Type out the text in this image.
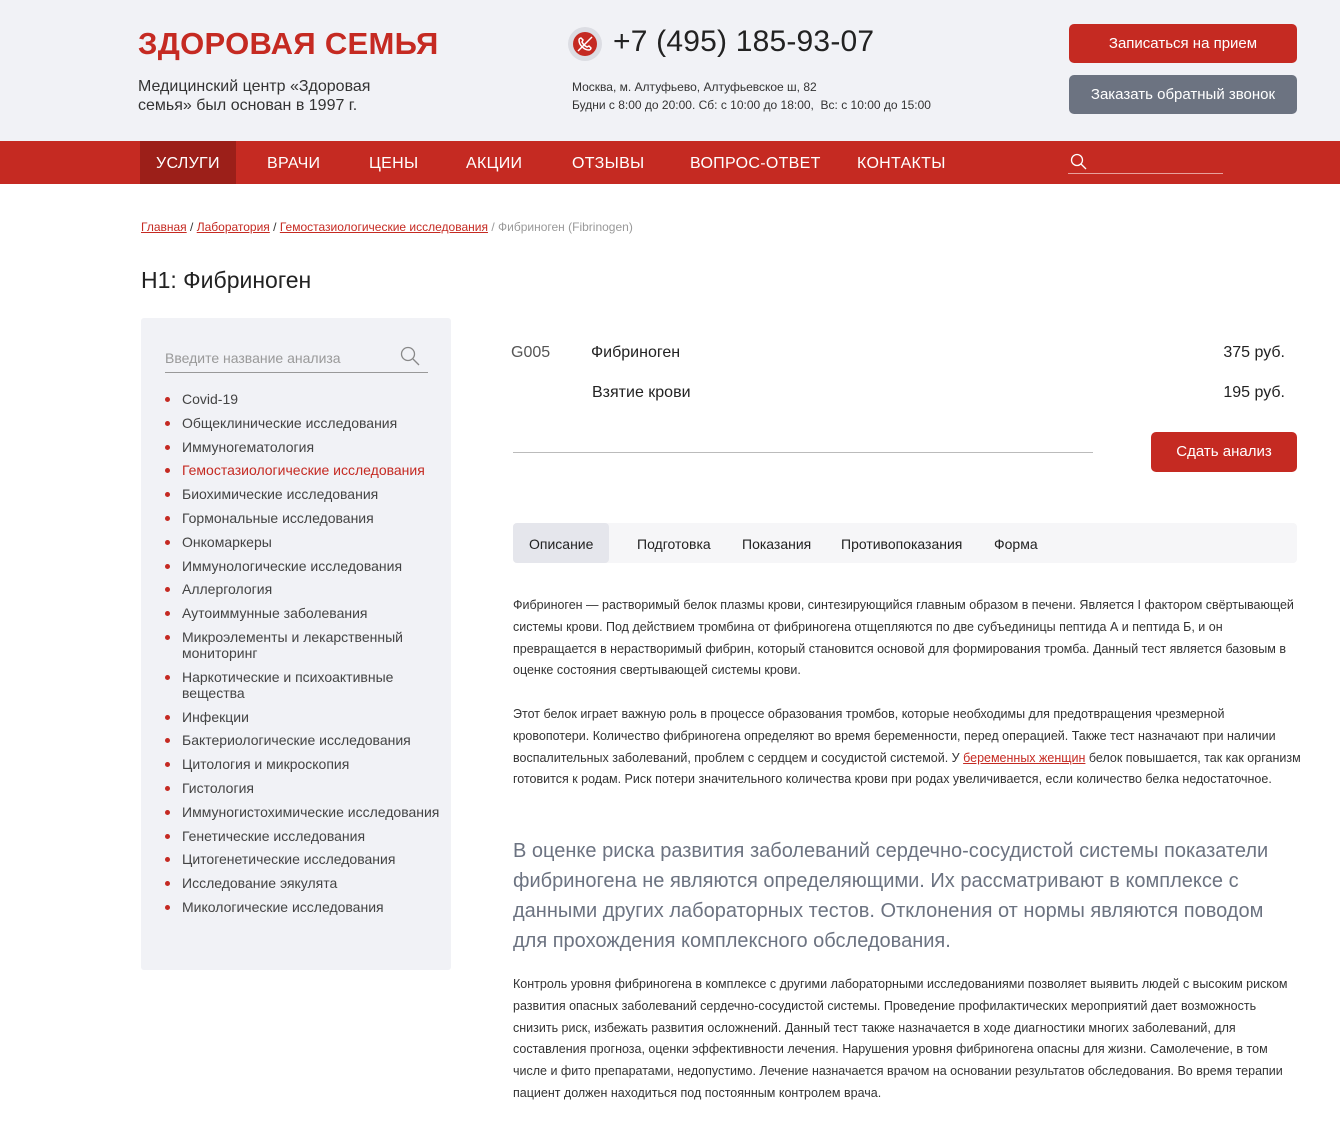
ЗДОРОВАЯ СЕМЬЯ
Медицинский центр «Здоровая семья» был основан в 1997 г.
+7 (495) 185-93-07
Москва, м. Алтуфьево, Алтуфьевское ш, 82
Будни с 8:00 до 20:00. Сб: с 10:00 до 18:00,  Вс: с 10:00 до 15:00
Записаться на прием
Заказать обратный звонок
УСЛУГИ	ВРАЧИ	ЦЕНЫ	АКЦИИ	ОТЗЫВЫ	ВОПРОС-ОТВЕТ КОНТАКТЫ
Главная / Лаборатория / Гемостазиологические исследования / Фибриноген (Fibrinogen)
H1: Фибриноген
Введите название анализа
Covid-19
Общеклинические исследования
Иммуногематология
Гемостазиологические исследования
Биохимические исследования
Гормональные исследования
Онкомаркеры
Иммунологические исследования
Аллергология
Аутоиммунные заболевания
Микроэлементы и лекарственный мониторинг
Наркотические и психоактивные вещества
Инфекции
Бактериологические исследования
Цитология и микроскопия
Гистология
Иммуногистохимические исследования
Генетические исследования
Цитогенетические исследования
Исследование эякулята
Микологические исследования
G005	Фибриноген	375 руб.
Взятие крови	195 руб.
Сдать анализ
Описание	Подготовка Показания Противопоказания Форма
Фибриноген — растворимый белок плазмы крови, синтезирующийся главным образом в печени. Является I фактором свёртывающей системы крови. Под действием тромбина от фибриногена отщепляются по две субъединицы пептида А и пептида Б, и он превращается в нерастворимый фибрин, который становится основой для формирования тромба. Данный тест является базовым в оценке состояния свертывающей системы крови.
Этот белок играет важную роль в процессе образования тромбов, которые необходимы для предотвращения чрезмерной кровопотери. Количество фибриногена определяют во время беременности, перед операцией. Также тест назначают при наличии воспалительных заболеваний, проблем с сердцем и сосудистой системой. У беременных женщин белок повышается, так как организм готовится к родам. Риск потери значительного количества крови при родах увеличивается, если количество белка недостаточное.
В оценке риска развития заболеваний сердечно-сосудистой системы показатели фибриногена не являются определяющими. Их рассматривают в комплексе с данными других лабораторных тестов. Отклонения от нормы являются поводом для прохождения комплексного обследования.
Контроль уровня фибриногена в комплексе с другими лабораторными исследованиями позволяет выявить людей с высоким риском развития опасных заболеваний сердечно-сосудистой системы. Проведение профилактических мероприятий дает возможность снизить риск, избежать развития осложнений. Данный тест также назначается в ходе диагностики многих заболеваний, для составления прогноза, оценки эффективности лечения. Нарушения уровня фибриногена опасны для жизни. Самолечение, в том числе и фито препаратами, недопустимо. Лечение назначается врачом на основании результатов обследования. Во время терапии пациент должен находиться под постоянным контролем врача.
